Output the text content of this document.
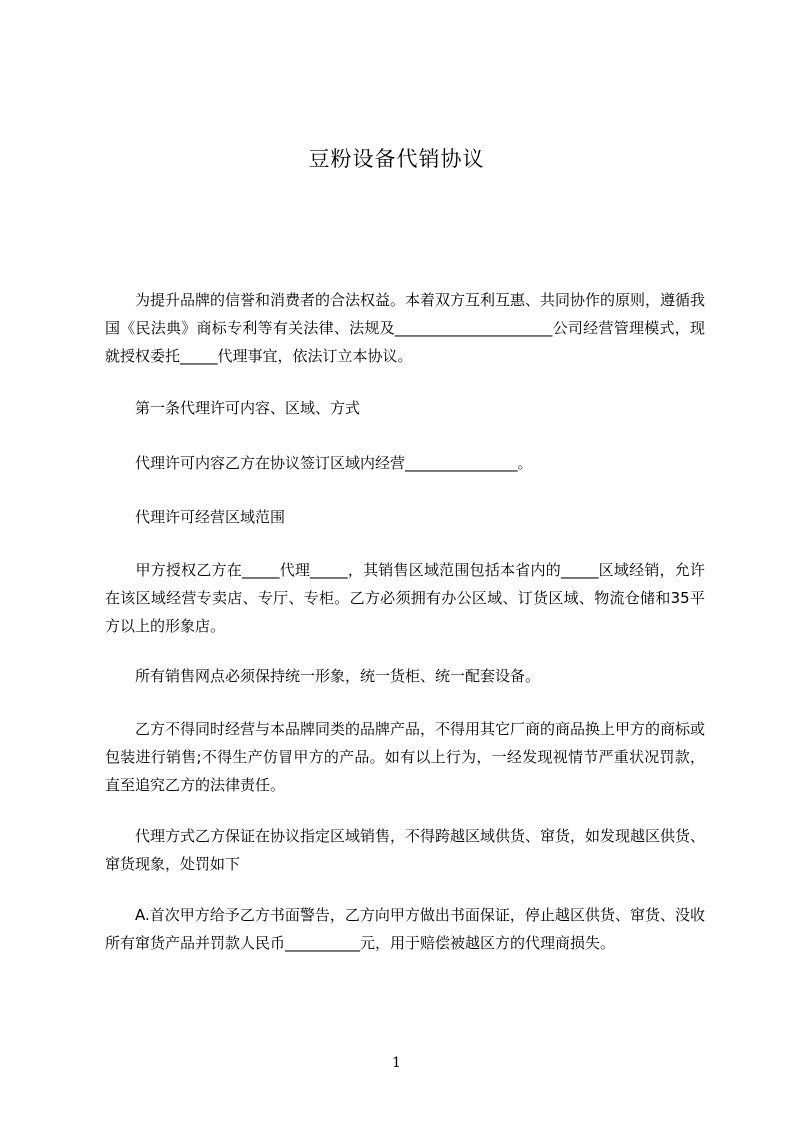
豆粉设备代销协议

　　为提升品牌的信誉和消费者的合法权益。本着双方互利互惠、共同协作的原则，遵循我国《民法典》商标专利等有关法律、法规及_____________________公司经营管理模式，现就授权委托_____代理事宜，依法订立本协议。

　　第一条代理许可内容、区域、方式

　　代理许可内容乙方在协议签订区域内经营_______________。

　　代理许可经营区域范围

　　甲方授权乙方在_____代理_____，其销售区域范围包括本省内的_____区域经销，允许在该区域经营专卖店、专厅、专柜。乙方必须拥有办公区域、订货区域、物流仓储和35平方以上的形象店。

　　所有销售网点必须保持统一形象，统一货柜、统一配套设备。

　　乙方不得同时经营与本品牌同类的品牌产品，不得用其它厂商的商品换上甲方的商标或包装进行销售;不得生产仿冒甲方的产品。如有以上行为，一经发现视情节严重状况罚款，直至追究乙方的法律责任。

　　代理方式乙方保证在协议指定区域销售，不得跨越区域供货、窜货，如发现越区供货、窜货现象，处罚如下

　　A.首次甲方给予乙方书面警告，乙方向甲方做出书面保证，停止越区供货、窜货、没收所有窜货产品并罚款人民币__________元，用于赔偿被越区方的代理商损失。

1
